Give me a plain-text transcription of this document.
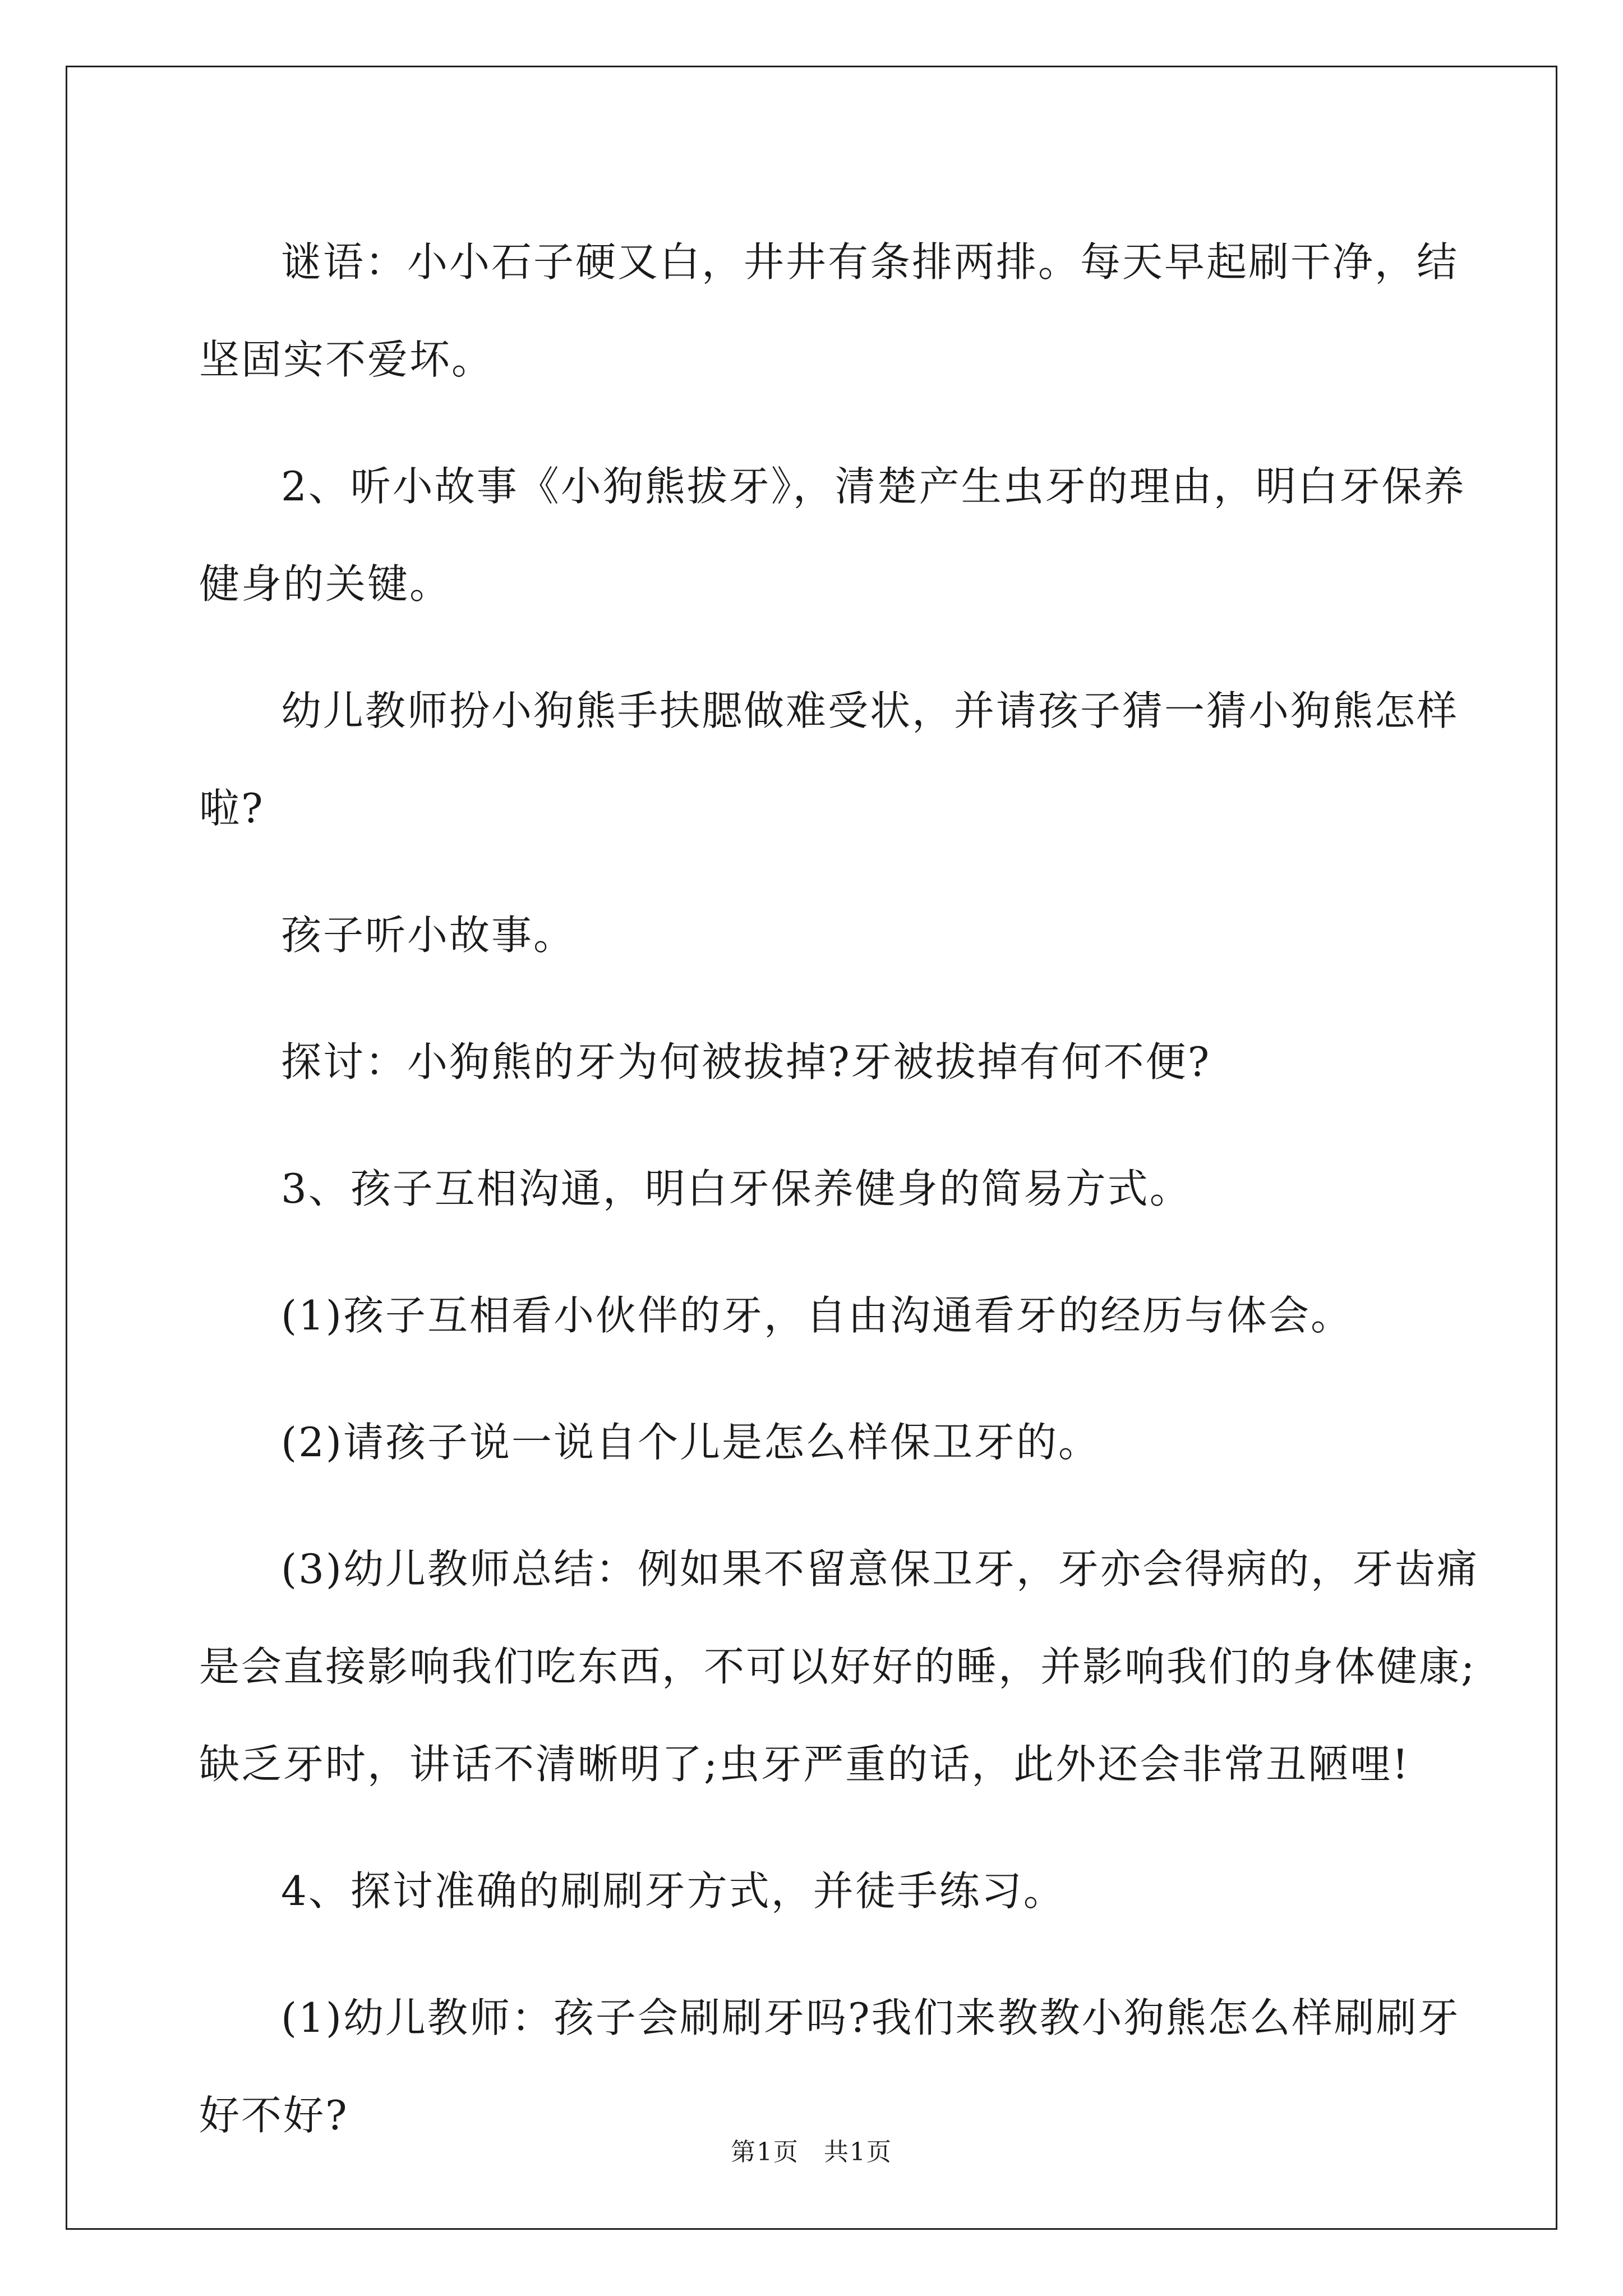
谜语：小小石子硬又白，井井有条排两排。每天早起刷干净，结坚固实不爱坏。

2、听小故事《小狗熊拔牙》，清楚产生虫牙的理由，明白牙保养健身的关键。

幼儿教师扮小狗熊手扶腮做难受状，并请孩子猜一猜小狗熊怎样啦?

孩子听小故事。

探讨：小狗熊的牙为何被拔掉?牙被拔掉有何不便?

3、孩子互相沟通，明白牙保养健身的简易方式。

(1)孩子互相看小伙伴的牙，自由沟通看牙的经历与体会。

(2)请孩子说一说自个儿是怎么样保卫牙的。

(3)幼儿教师总结：例如果不留意保卫牙，牙亦会得病的，牙齿痛是会直接影响我们吃东西，不可以好好的睡，并影响我们的身体健康;缺乏牙时，讲话不清晰明了;虫牙严重的话，此外还会非常丑陋哩!

4、探讨准确的刷刷牙方式，并徒手练习。

(1)幼儿教师：孩子会刷刷牙吗?我们来教教小狗熊怎么样刷刷牙好不好?

第1页 共1页
